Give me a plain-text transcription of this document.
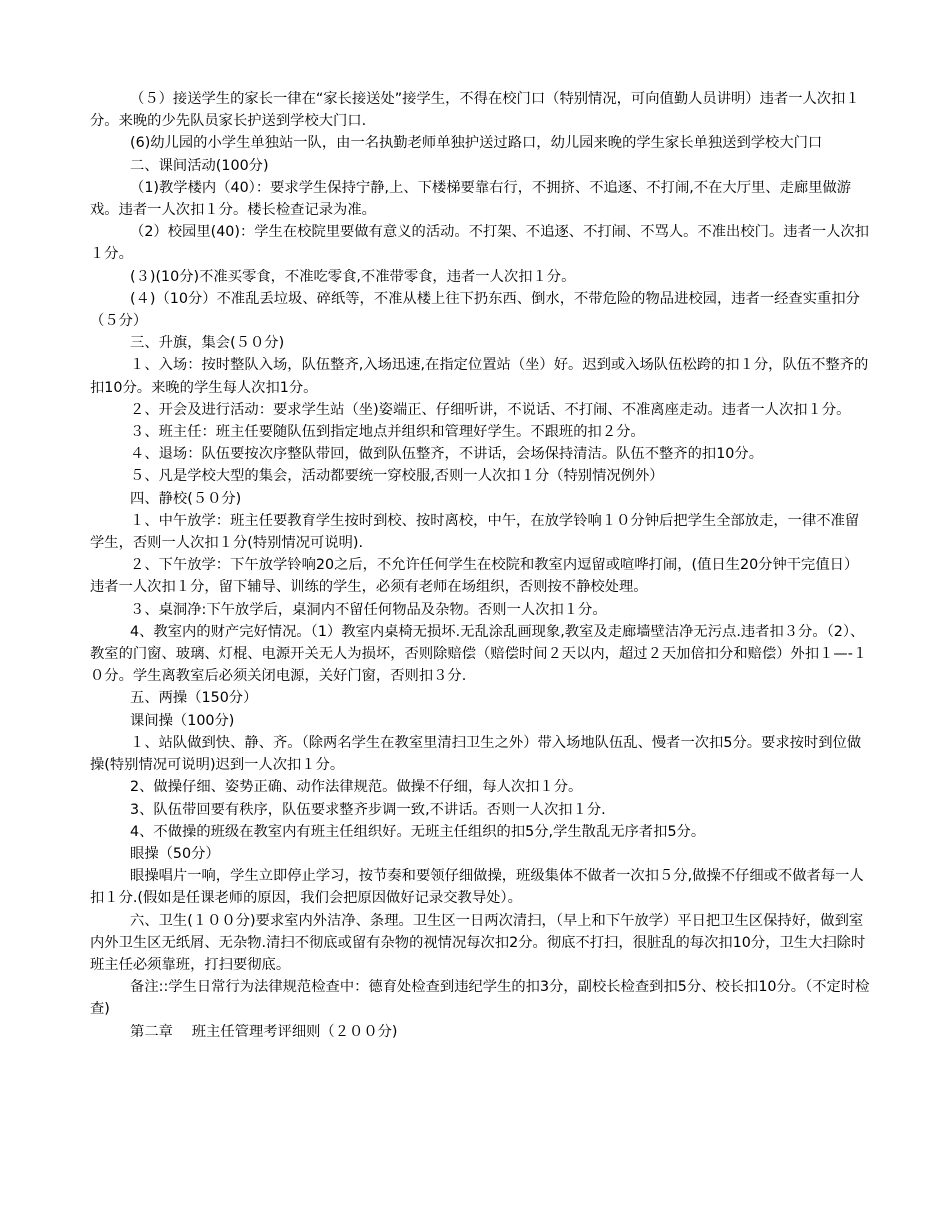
（５）接送学生的家长一律在“家长接送处”接学生，不得在校门口（特别情况，可向值勤人员讲明）违者一人次扣１分。来晚的少先队员家长护送到学校大门口.

(6)幼儿园的小学生单独站一队，由一名执勤老师单独护送过路口，幼儿园来晚的学生家长单独送到学校大门口

二、课间活动(100分)

（1)教学楼内（40）：要求学生保持宁静,上、下楼梯要靠右行，不拥挤、不追逐、不打闹,不在大厅里、走廊里做游戏。违者一人次扣１分。楼长检查记录为准。

（2）校园里(40)：学生在校院里要做有意义的活动。不打架、不追逐、不打闹、不骂人。不准出校门。违者一人次扣１分。

(３)(10分)不准买零食，不准吃零食,不准带零食，违者一人次扣１分。

(４)（10分）不准乱丢垃圾、碎纸等，不准从楼上往下扔东西、倒水，不带危险的物品进校园，违者一经查实重扣分（５分）

三、升旗，集会(５０分)

１、入场：按时整队入场，队伍整齐,入场迅速,在指定位置站（坐）好。迟到或入场队伍松跨的扣１分，队伍不整齐的扣10分。来晚的学生每人次扣1分。

２、开会及进行活动：要求学生站（坐)姿端正、仔细听讲，不说话、不打闹、不准离座走动。违者一人次扣１分。

３、班主任：班主任要随队伍到指定地点并组织和管理好学生。不跟班的扣２分。

４、退场：队伍要按次序整队带回，做到队伍整齐，不讲话，会场保持清洁。队伍不整齐的扣10分。

５、凡是学校大型的集会，活动都要统一穿校服,否则一人次扣１分（特别情况例外）

四、静校(５０分)

１、中午放学：班主任要教育学生按时到校、按时离校，中午，在放学铃响１０分钟后把学生全部放走，一律不准留学生，否则一人次扣１分(特别情况可说明).

２、下午放学：下午放学铃响20之后，不允许任何学生在校院和教室内逗留或喧哗打闹，(值日生20分钟干完值日）违者一人次扣１分，留下辅导、训练的学生，必须有老师在场组织，否则按不静校处理。

３、桌洞净:下午放学后，桌洞内不留任何物品及杂物。否则一人次扣１分。

4、教室内的财产完好情况。（1）教室内桌椅无损坏.无乱涂乱画现象,教室及走廊墙壁洁净无污点.违者扣３分。（2）、教室的门窗、玻璃、灯棍、电源开关无人为损坏，否则除赔偿（赔偿时间２天以内，超过２天加倍扣分和赔偿）外扣１—-１０分。学生离教室后必须关闭电源，关好门窗，否则扣３分.

五、两操（150分）

课间操（100分)

１、站队做到快、静、齐。（除两名学生在教室里清扫卫生之外）带入场地队伍乱、慢者一次扣5分。要求按时到位做操(特别情况可说明)迟到一人次扣１分。

2、做操仔细、姿势正确、动作法律规范。做操不仔细，每人次扣１分。

3、队伍带回要有秩序，队伍要求整齐步调一致,不讲话。否则一人次扣１分.

4、不做操的班级在教室内有班主任组织好。无班主任组织的扣5分,学生散乱无序者扣5分。

眼操（50分）

眼操唱片一响，学生立即停止学习，按节奏和要领仔细做操，班级集体不做者一次扣５分,做操不仔细或不做者每一人扣１分.(假如是任课老师的原因，我们会把原因做好记录交教导处）。

六、卫生(１００分)要求室内外洁净、条理。卫生区一日两次清扫，（早上和下午放学）平日把卫生区保持好，做到室内外卫生区无纸屑、无杂物.清扫不彻底或留有杂物的视情况每次扣2分。彻底不打扫，很脏乱的每次扣10分，卫生大扫除时班主任必须靠班，打扫要彻底。

备注::学生日常行为法律规范检查中：德育处检查到违纪学生的扣3分，副校长检查到扣5分、校长扣10分。（不定时检查)

第二章　 班主任管理考评细则（２００分)
